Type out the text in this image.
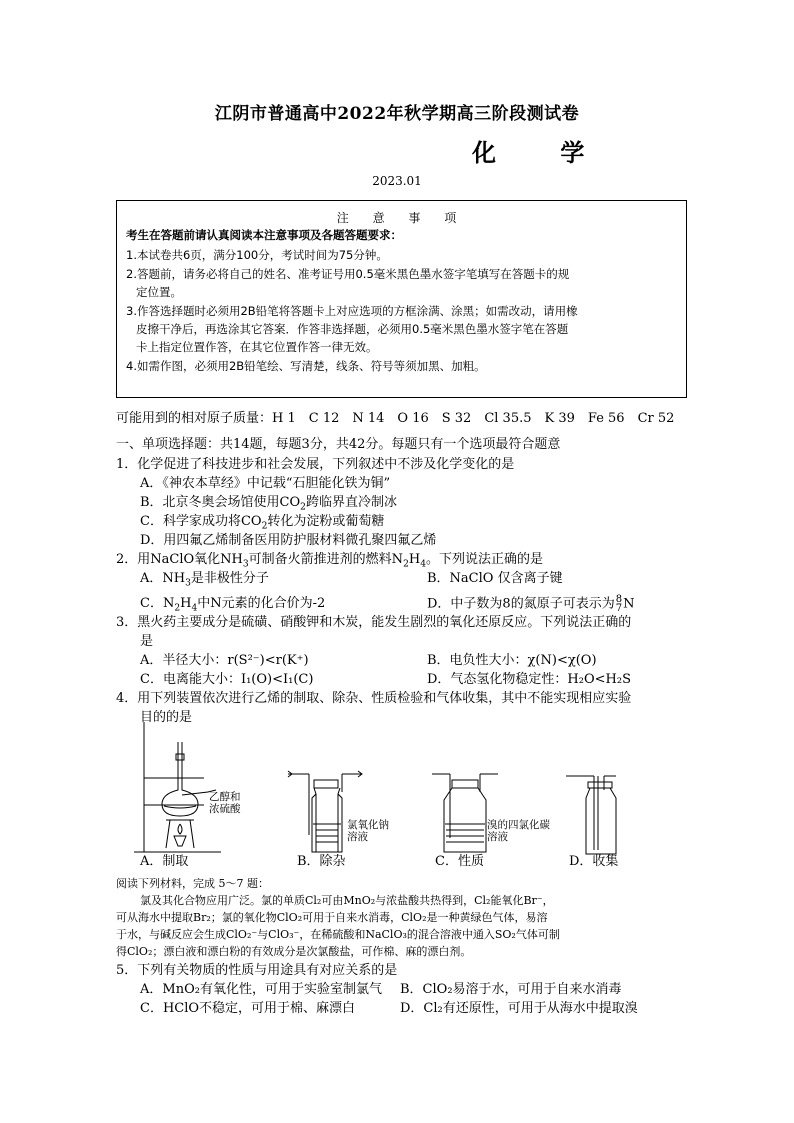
江阴市普通高中2022年秋学期高三阶段测试卷
化 学
2023.01
注 意 事 项
考生在答题前请认真阅读本注意事项及各题答题要求：
1.本试卷共6页，满分100分，考试时间为75分钟。
2.答题前，请务必将自己的姓名、准考证号用0.5毫米黑色墨水签字笔填写在答题卡的规
定位置。
3.作答选择题时必须用2B铅笔将答题卡上对应选项的方框涂满、涂黑；如需改动，请用橡
皮擦干净后，再选涂其它答案．作答非选择题，必须用0.5毫米黑色墨水签字笔在答题
卡上指定位置作答，在其它位置作答一律无效。
4.如需作图，必须用2B铅笔绘、写清楚，线条、符号等须加黑、加粗。
可能用到的相对原子质量：H 1　C 12　N 14　O 16　S 32　Cl 35.5　K 39　Fe 56　Cr 52
一、单项选择题：共14题，每题3分，共42分。每题只有一个选项最符合题意
1．化学促进了科技进步和社会发展，下列叙述中不涉及化学变化的是
A．《神农本草经》中记载“石胆能化铁为铜”
B．北京冬奥会场馆使用$CO_2$跨临界直冷制冰
C．科学家成功将$CO_2$转化为淀粉或葡萄糖
D．用四氟乙烯制备医用防护服材料微孔聚四氟乙烯
2．用NaClO氧化$NH_3$可制备火箭推进剂的燃料$N_2H_4$。下列说法正确的是
A．$NH_3$是非极性分子	B．NaClO 仅含离子键
C．$N_2H_4$中N元素的化合价为-2	D．中子数为8的氮原子可表示为8
7N
3．黑火药主要成分是硫磺、硝酸钾和木炭，能发生剧烈的氧化还原反应。下列说法正确的
是
A．半径大小：r(S²⁻)<r(K⁺)	B．电负性大小：χ(N)<χ(O)
C．电离能大小：I₁(O)<I₁(C)	D．气态氢化物稳定性：H₂O<H₂S
4．用下列装置依次进行乙烯的制取、除杂、性质检验和气体收集，其中不能实现相应实验
目的的是
乙醇和
浓硫酸
氯氧化钠
溶液
溴的四氯化碳
溶液
A．制取	B．除杂	C．性质	D．收集
阅读下列材料，完成 5～7 题：
氯及其化合物应用广泛。氯的单质Cl₂可由MnO₂与浓盐酸共热得到，Cl₂能氧化Br⁻，
可从海水中提取Br₂；氯的氧化物ClO₂可用于自来水消毒，ClO₂是一种黄绿色气体，易溶
于水，与碱反应会生成ClO₂⁻与ClO₃⁻，在稀硫酸和NaClO₃的混合溶液中通入SO₂气体可制
得ClO₂；漂白液和漂白粉的有效成分是次氯酸盐，可作棉、麻的漂白剂。
5．下列有关物质的性质与用途具有对应关系的是
A．MnO₂有氧化性，可用于实验室制氯气 B．ClO₂易溶于水，可用于自来水消毒
C．HClO不稳定，可用于棉、麻漂白	D．Cl₂有还原性，可用于从海水中提取溴
